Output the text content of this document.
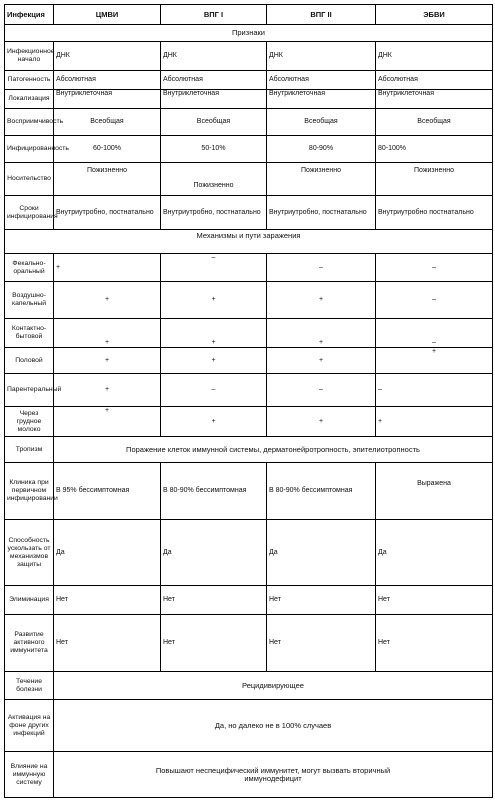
Инфекция	ЦМВИ	ВПГ I	ВПГ II	ЭБВИ
Признаки				
Инфекционное начало	ДНК	ДНК	ДНК	ДНК
Патогенность	Абсолютная	Абсолютная	Абсолютная	Абсолютная
Локализация	Внутриклеточная	Внутриклеточная	Внутриклеточная	Внутриклеточная
Восприимчивость	Всеобщая	Всеобщая	Всеобщая	Всеобщая
Инфицированность	60-100%	50-10%	80-90%	80-100%
Носительство	Пожизненно	Пожизненно	Пожизненно	Пожизненно
Сроки инфицирования	Внутриутробно, постнатально	Внутриутробно, постнатально	Внутриутробно, постнатально	Внутриутробно постнатально
Механизмы и пути заражения				
Фекально-оральный	+	–	–	–
Воздушно-капельный	+	+	+	–
Контактно-бытовой	+	+	+	–
Половой	+	+	+	+
Парентеральный	+	–	–	–
Через грудное молоко	+	+	+	+
Тропизм	Поражение клеток иммунной системы, дерматонейротропность, эпителиотропность			
Клиника при первичном инфицировании	В 95% бессимптомная	В 80-90% бессимптомная	В 80-90% бессимптомная	Выражена
Способность ускользать от механизмов защиты	Да	Да	Да	Да
Элиминация	Нет	Нет	Нет	Нет
Развитие активного иммунитета	Нет	Нет	Нет	Нет
Течение болезни	Рецидивирующее			
Активация на фоне других инфекций	Да, но далеко не в 100% случаев			
Влияние на иммунную систему	Повышают неспецифический иммунитет, могут вызвать вторичный иммунодефицит			
